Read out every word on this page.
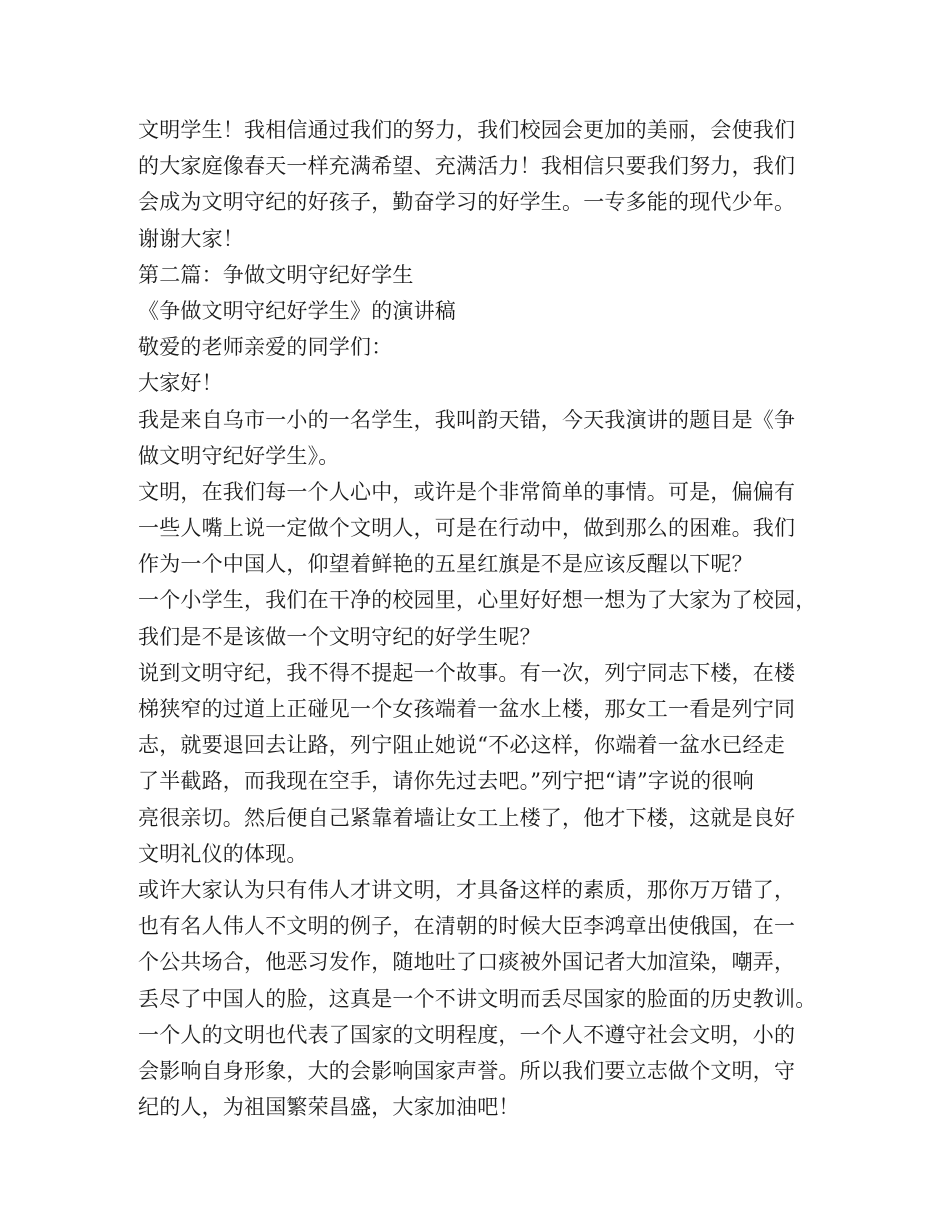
文明学生！我相信通过我们的努力，我们校园会更加的美丽，会使我们
的大家庭像春天一样充满希望、充满活力！我相信只要我们努力，我们
会成为文明守纪的好孩子，勤奋学习的好学生。一专多能的现代少年。
谢谢大家！
第二篇：争做文明守纪好学生
《争做文明守纪好学生》的演讲稿
敬爱的老师亲爱的同学们：
大家好！
我是来自乌市一小的一名学生，我叫韵天错，今天我演讲的题目是《争
做文明守纪好学生》。
文明，在我们每一个人心中，或许是个非常简单的事情。可是，偏偏有
一些人嘴上说一定做个文明人，可是在行动中，做到那么的困难。我们
作为一个中国人，仰望着鲜艳的五星红旗是不是应该反醒以下呢？
一个小学生，我们在干净的校园里，心里好好想一想为了大家为了校园，
我们是不是该做一个文明守纪的好学生呢？
说到文明守纪，我不得不提起一个故事。有一次，列宁同志下楼，在楼
梯狭窄的过道上正碰见一个女孩端着一盆水上楼，那女工一看是列宁同
志，就要退回去让路，列宁阻止她说“不必这样，你端着一盆水已经走
了半截路，而我现在空手，请你先过去吧。”列宁把“请”字说的很响
亮很亲切。然后便自己紧靠着墙让女工上楼了，他才下楼，这就是良好
文明礼仪的体现。
或许大家认为只有伟人才讲文明，才具备这样的素质，那你万万错了，
也有名人伟人不文明的例子，在清朝的时候大臣李鸿章出使俄国，在一
个公共场合，他恶习发作，随地吐了口痰被外国记者大加渲染，嘲弄，
丢尽了中国人的脸，这真是一个不讲文明而丢尽国家的脸面的历史教训。
一个人的文明也代表了国家的文明程度，一个人不遵守社会文明，小的
会影响自身形象，大的会影响国家声誉。所以我们要立志做个文明，守
纪的人，为祖国繁荣昌盛，大家加油吧！
